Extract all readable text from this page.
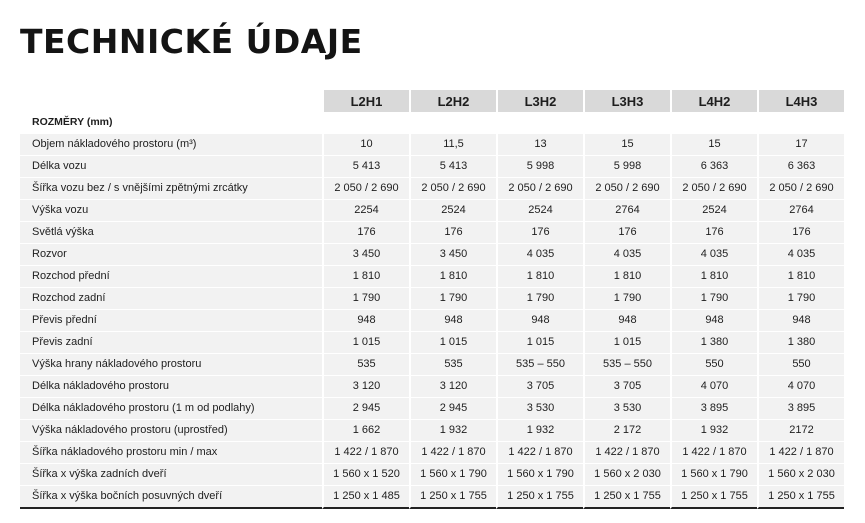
TECHNICKÉ ÚDAJE
	L2H1	L2H2	L3H2	L3H3	L4H2	L4H3
ROZMĚRY (mm)						
Objem nákladového prostoru (m³)	10	11,5	13	15	15	17
Délka vozu	5 413	5 413	5 998	5 998	6 363	6 363
Šířka vozu bez / s vnějšími zpětnými zrcátky	2 050 / 2 690	2 050 / 2 690	2 050 / 2 690	2 050 / 2 690	2 050 / 2 690	2 050 / 2 690
Výška vozu	2254	2524	2524	2764	2524	2764
Světlá výška	176	176	176	176	176	176
Rozvor	3 450	3 450	4 035	4 035	4 035	4 035
Rozchod přední	1 810	1 810	1 810	1 810	1 810	1 810
Rozchod zadní	1 790	1 790	1 790	1 790	1 790	1 790
Převis přední	948	948	948	948	948	948
Převis zadní	1 015	1 015	1 015	1 015	1 380	1 380
Výška hrany nákladového prostoru	535	535	535 – 550	535 – 550	550	550
Délka nákladového prostoru	3 120	3 120	3 705	3 705	4 070	4 070
Délka nákladového prostoru (1 m od podlahy)	2 945	2 945	3 530	3 530	3 895	3 895
Výška nákladového prostoru (uprostřed)	1 662	1 932	1 932	2 172	1 932	2172
Šířka nákladového prostoru min / max	1 422 / 1 870	1 422 / 1 870	1 422 / 1 870	1 422 / 1 870	1 422 / 1 870	1 422 / 1 870
Šířka x výška zadních dveří	1 560 x 1 520	1 560 x 1 790	1 560 x 1 790	1 560 x 2 030	1 560 x 1 790	1 560 x 2 030
Šířka x výška bočních posuvných dveří	1 250 x 1 485	1 250 x 1 755	1 250 x 1 755	1 250 x 1 755	1 250 x 1 755	1 250 x 1 755
